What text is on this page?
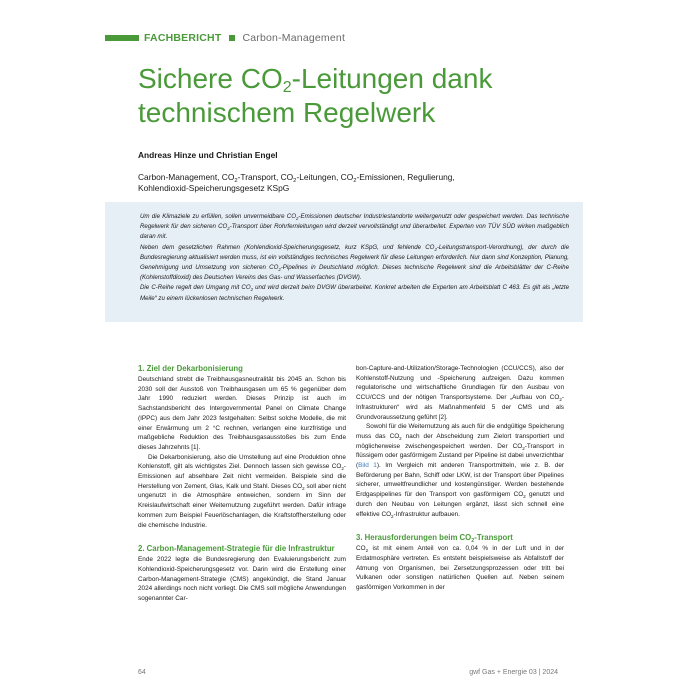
FACHBERICHT Carbon-Management
Sichere $CO_2$-Leitungen dank
technischem Regelwerk
Andreas Hinze und Christian Engel
Carbon-Management, $CO_2$-Transport, $CO_2$-Leitungen, $CO_2$-Emissionen, Regulierung,
Kohlendioxid-Speicherungsgesetz KSpG

Um die Klimaziele zu erfüllen, sollen unvermeidbare $CO_2$-Emissionen deutscher Industriestandorte weitergenutzt oder gespeichert werden. Das technische Regelwerk für den sicheren $CO_2$-Transport über Rohrfernleitungen wird derzeit vervollständigt und überarbeitet. Experten von TÜV SÜD wirken maßgeblich daran mit.

Neben dem gesetzlichen Rahmen (Kohlendioxid-Speicherungsgesetz, kurz KSpG, und fehlende $CO_2-Leitungstransport-Verordnung$), der durch die Bundesregierung aktualisiert werden muss, ist ein vollständiges technisches Regelwerk für diese Leitungen erforderlich. Nur dann sind Konzeption, Planung, Genehmigung und Umsetzung von sicheren $CO_2$-Pipelines in Deutschland möglich. Dieses technische Regelwerk sind die Arbeitsblätter der C-Reihe (Kohlenstoffdioxid) des Deutschen Vereins des Gas- und Wasserfaches (DVGW).

Die C-Reihe regelt den Umgang mit $CO_2$ und wird derzeit beim DVGW überarbeitet. Konkret arbeiten die Experten am Arbeitsblatt C 463. Es gilt als „letzte Meile“ zu einem lückenlosen technischen Regelwerk.

1. Ziel der Dekarbonisierung

Deutschland strebt die Treibhausgasneutralität bis 2045 an. Schon bis 2030 soll der Ausstoß von Treibhausgasen um 65 % gegenüber dem Jahr 1990 reduziert werden. Dieses Prinzip ist auch im Sachstandsbericht des Intergovernmental Panel on Climate Change (IPPC) aus dem Jahr 2023 festgehalten: Selbst solche Modelle, die mit einer Erwärmung um 2 °C rechnen, verlangen eine kurzfristige und maßgebliche Reduktion des Treibhausgasausstoßes bis zum Ende dieses Jahrzehnts [1].

Die Dekarbonisierung, also die Umstellung auf eine Produktion ohne Kohlenstoff, gilt als wichtigstes Ziel. Dennoch lassen sich gewisse $CO_2$-Emissionen auf absehbare Zeit nicht vermeiden. Beispiele sind die Herstellung von Zement, Glas, Kalk und Stahl. Dieses $CO_2$ soll aber nicht ungenutzt in die Atmosphäre entweichen, sondern im Sinn der Kreislaufwirtschaft einer Weiternutzung zugeführt werden. Dafür infrage kommen zum Beispiel Feuerlöschanlagen, die Kraftstoffherstellung oder die chemische Industrie.

2. Carbon-Management-Strategie für die Infrastruktur

Ende 2022 legte die Bundesregierung den Evaluierungsbericht zum Kohlendioxid-Speicherungsgesetz vor. Darin wird die Erstellung einer Carbon-Management-Strategie (CMS) angekündigt, die Stand Januar 2024 allerdings noch nicht vorliegt. Die CMS soll mögliche Anwendungen sogenannter Car-

bon-Capture-and-Utilization/Storage-Technologien (CCU/CCS), also der Kohlenstoff-Nutzung und -Speicherung aufzeigen. Dazu kommen regulatorische und wirtschaftliche Grundlagen für den Ausbau von CCU/CCS und der nötigen Transportsysteme. Der „Aufbau von $CO_2-Infrastrukturen“$ wird als Maßnahmenfeld 5 der CMS und als Grundvoraussetzung geführt [2].

Sowohl für die Weiternutzung als auch für die endgültige Speicherung muss das $CO_2$ nach der Abscheidung zum Zielort transportiert und möglicherweise zwischengespeichert werden. Der $CO_2$-Transport in flüssigem oder gasförmigem Zustand per Pipeline ist dabei unverzichtbar (Bild 1). Im Vergleich mit anderen Transportmitteln, wie z. B. der Beförderung per Bahn, Schiff oder LKW, ist der Transport über Pipelines sicherer, umweltfreundlicher und kostengünstiger. Werden bestehende Erdgaspipelines für den Transport von gasförmigem $CO_2$ genutzt und durch den Neubau von Leitungen ergänzt, lässt sich schnell eine effektive $CO_2$-Infrastruktur aufbauen.

3. Herausforderungen beim $CO_2$-Transport

$CO_2$ ist mit einem Anteil von ca. 0,04 % in der Luft und in der Erdatmosphäre vertreten. Es entsteht beispielsweise als Abfallstoff der Atmung von Organismen, bei Zersetzungsprozessen oder tritt bei Vulkanen oder sonstigen natürlichen Quellen auf. Neben seinem gasförmigen Vorkommen in der

64	gwf Gas + Energie 03 | 2024
